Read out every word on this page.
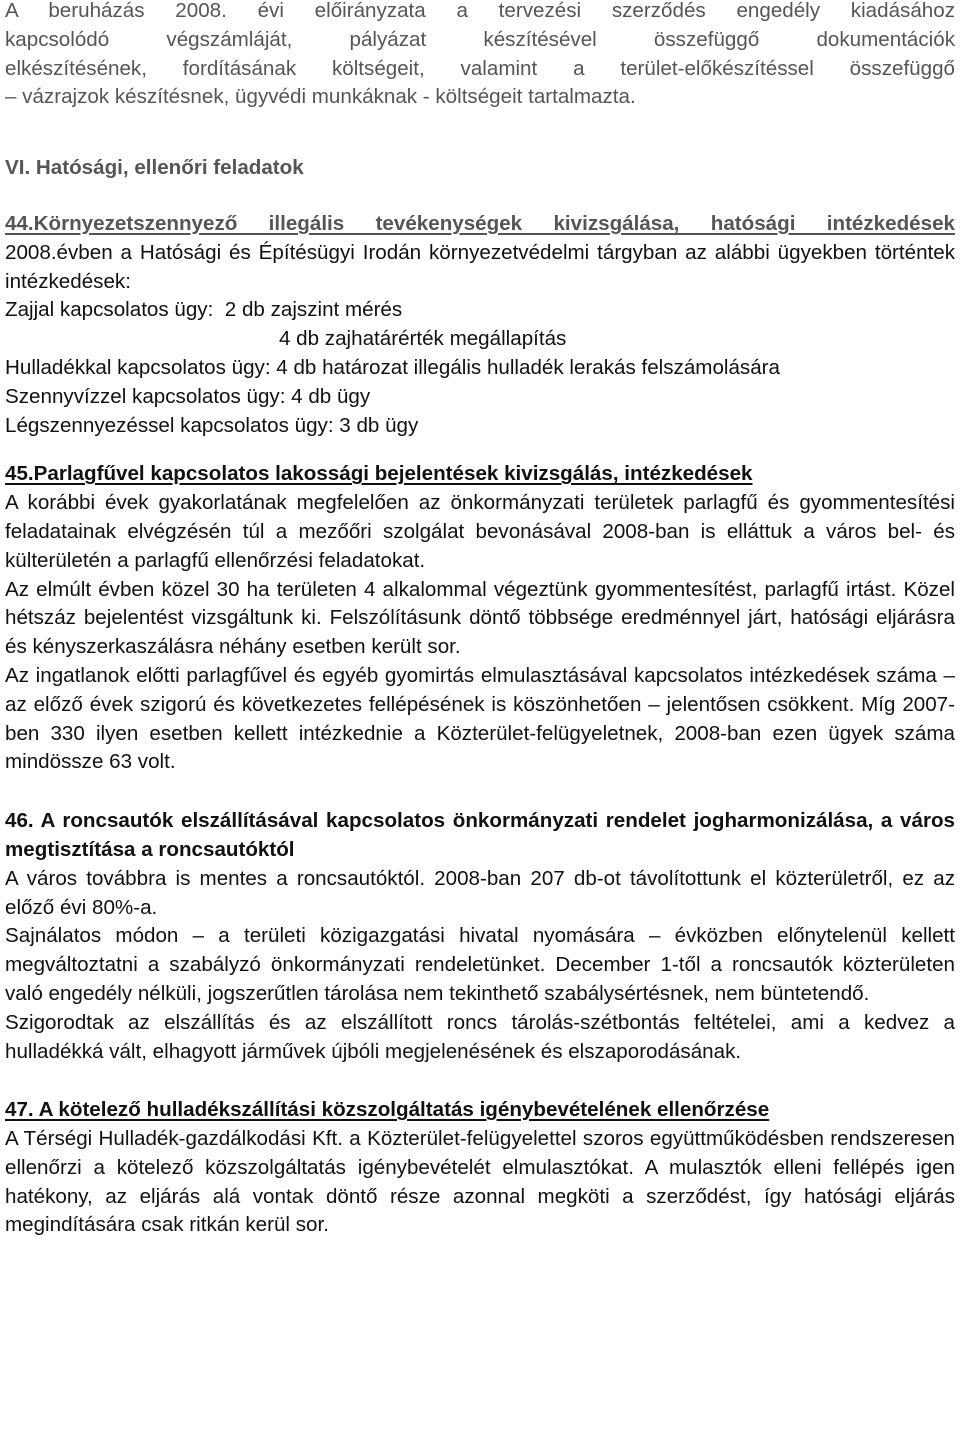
A beruházás 2008. évi előirányzata a tervezési szerződés engedély kiadásához

kapcsolódó végszámláját, pályázat készítésével összefüggő dokumentációk

elkészítésének, fordításának költségeit, valamint a terület-előkészítéssel összefüggő

– vázrajzok készítésnek, ügyvédi munkáknak - költségeit tartalmazta.

VI. Hatósági, ellenőri feladatok

44.Környezetszennyező illegális tevékenységek kivizsgálása, hatósági intézkedések

2008.évben a Hatósági és Építésügyi Irodán környezetvédelmi tárgyban az alábbi ügyekben történtek intézkedések:

Zajjal kapcsolatos ügy:  2 db zajszint mérés

4 db zajhatárérték megállapítás

Hulladékkal kapcsolatos ügy: 4 db határozat illegális hulladék lerakás felszámolására

Szennyvízzel kapcsolatos ügy: 4 db ügy

Légszennyezéssel kapcsolatos ügy: 3 db ügy

45.Parlagfűvel kapcsolatos lakossági bejelentések kivizsgálás, intézkedések

A korábbi évek gyakorlatának megfelelően az önkormányzati területek parlagfű és gyommentesítési feladatainak elvégzésén túl a mezőőri szolgálat bevonásával 2008-ban is elláttuk a város bel- és külterületén a parlagfű ellenőrzési feladatokat.

Az elmúlt évben közel 30 ha területen 4 alkalommal végeztünk gyommentesítést, parlagfű irtást. Közel hétszáz bejelentést vizsgáltunk ki. Felszólításunk döntő többsége eredménnyel járt, hatósági eljárásra és kényszerkaszálásra néhány esetben került sor.

Az ingatlanok előtti parlagfűvel és egyéb gyomirtás elmulasztásával kapcsolatos intézkedések száma – az előző évek szigorú és következetes fellépésének is köszönhetően – jelentősen csökkent. Míg 2007-ben 330 ilyen esetben kellett intézkednie a Közterület-felügyeletnek, 2008-ban ezen ügyek száma mindössze 63 volt.

46. A roncsautók elszállításával kapcsolatos önkormányzati rendelet jogharmonizálása, a város megtisztítása a roncsautóktól

A város továbbra is mentes a roncsautóktól. 2008-ban 207 db-ot távolítottunk el közterületről, ez az előző évi 80%-a.

Sajnálatos módon – a területi közigazgatási hivatal nyomására – évközben előnytelenül kellett megváltoztatni a szabályzó önkormányzati rendeletünket. December 1-től a roncsautók közterületen való engedély nélküli, jogszerűtlen tárolása nem tekinthető szabálysértésnek, nem büntetendő.

Szigorodtak az elszállítás és az elszállított roncs tárolás-szétbontás feltételei, ami a kedvez a hulladékká vált, elhagyott járművek újbóli megjelenésének és elszaporodásának.

47. A kötelező hulladékszállítási közszolgáltatás igénybevételének ellenőrzése

A Térségi Hulladék-gazdálkodási Kft. a Közterület-felügyelettel szoros együttműködésben rendszeresen ellenőrzi a kötelező közszolgáltatás igénybevételét elmulasztókat. A mulasztók elleni fellépés igen hatékony, az eljárás alá vontak döntő része azonnal megköti a szerződést, így hatósági eljárás megindítására csak ritkán kerül sor.
